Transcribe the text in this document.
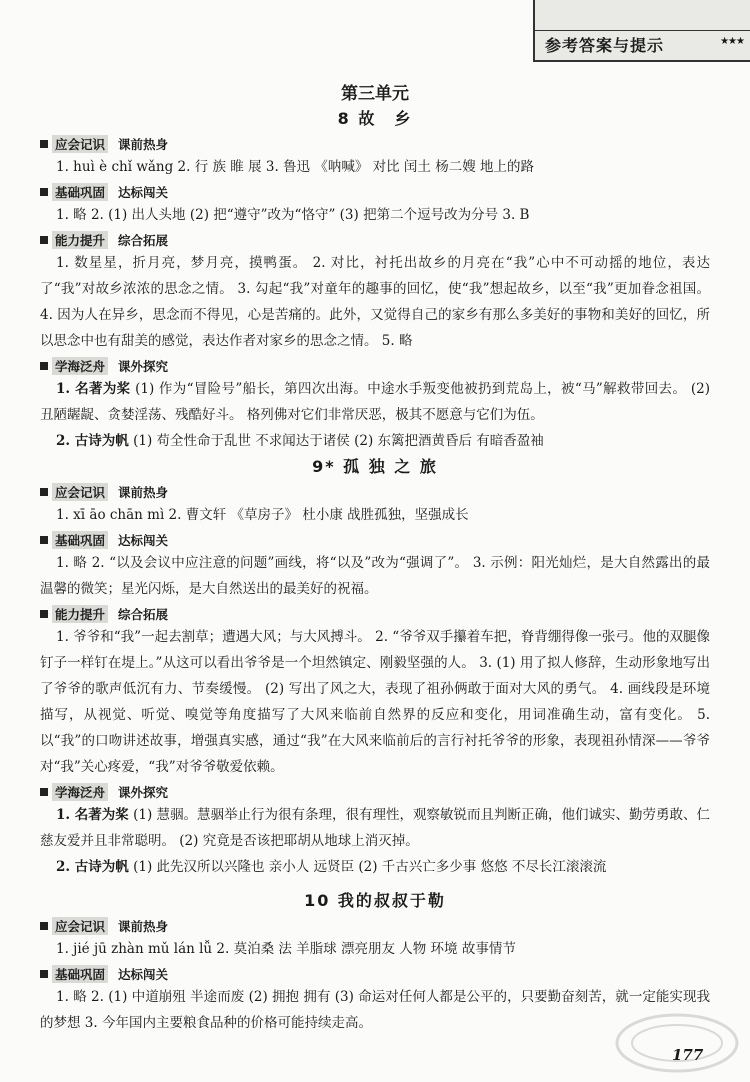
参考答案与提示	★★★
第三单元
8 故　乡
应会记识 课前热身

1. huì è chǐ wǎng 2. 行 族 睢 展 3. 鲁迅 《呐喊》 对比 闰土 杨二嫂 地上的路

基础巩固 达标闯关

1. 略 2. (1) 出人头地 (2) 把“遵守”改为“恪守” (3) 把第二个逗号改为分号 3. B

能力提升 综合拓展

1. 数星星，折月亮，梦月亮，摸鸭蛋。 2. 对比，衬托出故乡的月亮在“我”心中不可动摇的地位，表达了“我”对故乡浓浓的思念之情。 3. 勾起“我”对童年的趣事的回忆，使“我”想起故乡，以至“我”更加眷念祖国。 4. 因为人在异乡，思念而不得见，心是苦痛的。此外，又觉得自己的家乡有那么多美好的事物和美好的回忆，所以思念中也有甜美的感觉，表达作者对家乡的思念之情。 5. 略

学海泛舟 课外探究

1. 名著为桨 (1) 作为“冒险号”船长，第四次出海。中途水手叛变他被扔到荒岛上，被“马”解救带回去。 (2) 丑陋龌龊、贪婪淫荡、残酷好斗。 格列佛对它们非常厌恶，极其不愿意与它们为伍。

2. 古诗为帆 (1) 苟全性命于乱世 不求闻达于诸侯 (2) 东篱把酒黄昏后 有暗香盈袖

9* 孤 独 之 旅
应会记识 课前热身

1. xī āo chān mì 2. 曹文轩 《草房子》 杜小康 战胜孤独，坚强成长

基础巩固 达标闯关

1. 略 2. “以及会议中应注意的问题”画线，将“以及”改为“强调了”。 3. 示例：阳光灿烂，是大自然露出的最温馨的微笑；星光闪烁，是大自然送出的最美好的祝福。

能力提升 综合拓展

1. 爷爷和“我”一起去割草；遭遇大风；与大风搏斗。 2. “爷爷双手攥着车把，脊背绷得像一张弓。他的双腿像钉子一样钉在堤上。”从这可以看出爷爷是一个坦然镇定、刚毅坚强的人。 3. (1) 用了拟人修辞，生动形象地写出了爷爷的歌声低沉有力、节奏缓慢。 (2) 写出了风之大，表现了祖孙俩敢于面对大风的勇气。 4. 画线段是环境描写，从视觉、听觉、嗅觉等角度描写了大风来临前自然界的反应和变化，用词准确生动，富有变化。 5. 以“我”的口吻讲述故事，增强真实感，通过“我”在大风来临前后的言行衬托爷爷的形象，表现祖孙情深——爷爷对“我”关心疼爱，“我”对爷爷敬爱依赖。

学海泛舟 课外探究

1. 名著为桨 (1) 慧骃。慧骃举止行为很有条理，很有理性，观察敏锐而且判断正确，他们诚实、勤劳勇敢、仁慈友爱并且非常聪明。 (2) 究竟是否该把耶胡从地球上消灭掉。

2. 古诗为帆 (1) 此先汉所以兴隆也 亲小人 远贤臣 (2) 千古兴亡多少事 悠悠 不尽长江滚滚流

10 我的叔叔于勒
应会记识 课前热身

1. jié jū zhàn mǔ lán lǚ 2. 莫泊桑 法 羊脂球 漂亮朋友 人物 环境 故事情节

基础巩固 达标闯关

1. 略 2. (1) 中道崩殂 半途而废 (2) 拥抱 拥有 (3) 命运对任何人都是公平的，只要勤奋刻苦，就一定能实现我的梦想 3. 今年国内主要粮食品种的价格可能持续走高。

177
